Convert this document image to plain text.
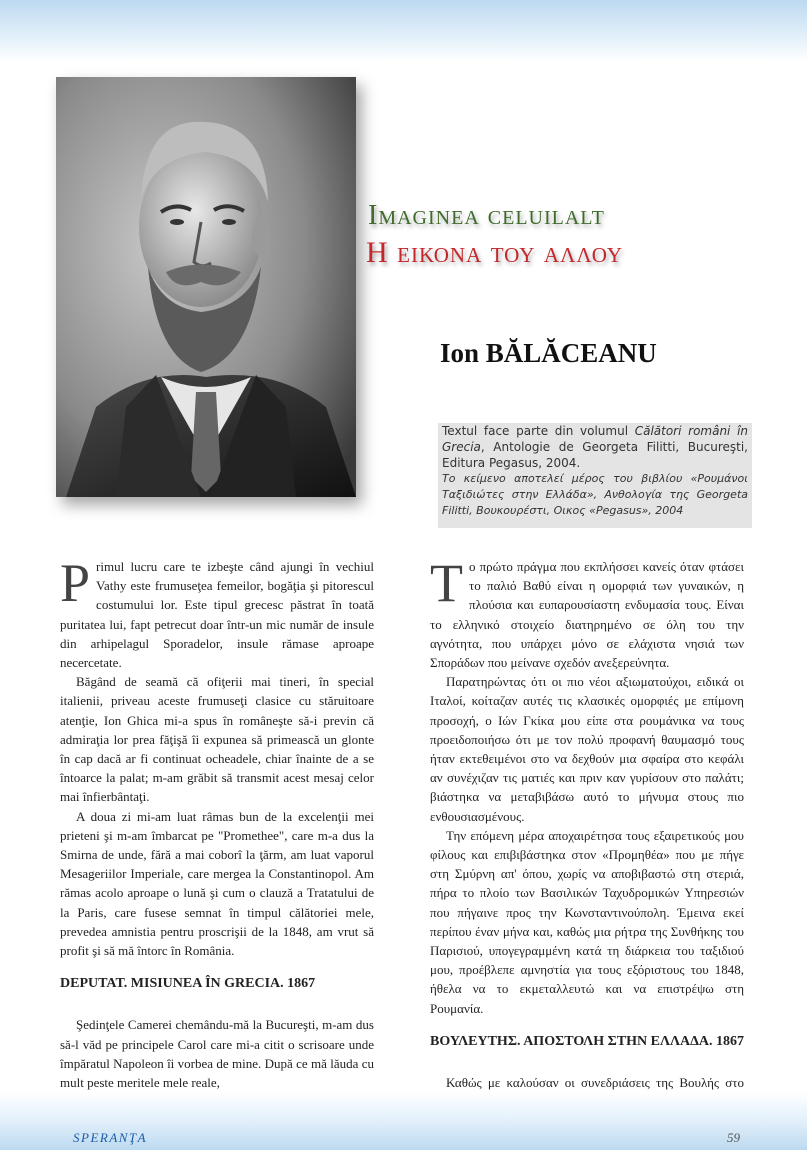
Imaginea celuilalt
Η εικονα του αλλου
Ion BĂLĂCEANU

Textul face parte din volumul Călători români în Grecia, Antologie de Georgeta Filitti, Bucureşti, Editura Pegasus, 2004.

Το κείμενο αποτελεί μέρος του βιβλίου «Ρουμάνοι Ταξιδιώτες στην Ελλάδα», Ανθολογία της Georgeta Filitti, Βουκουρέστι, Οικος «Pegasus», 2004

Primul lucru care te izbeşte când ajungi în vechiul Vathy este frumuseţea femeilor, bogăţia şi pitorescul costumului lor. Este tipul grecesc păstrat în toată puritatea lui, fapt petrecut doar într-un mic număr de insule din arhipelagul Sporadelor, insule rămase aproape necercetate.

Băgând de seamă că ofiţerii mai tineri, în special italienii, priveau aceste frumuseţi clasice cu stăruitoare atenţie, Ion Ghica mi-a spus în româneşte să-i previn că admiraţia lor prea făţişă îi expunea să primească un glonte în cap dacă ar fi continuat ocheadele, chiar înainte de a se întoarce la palat; m-am grăbit să transmit acest mesaj celor mai înfierbântaţi.

A doua zi mi-am luat râmas bun de la excelenţii mei prieteni şi m-am îmbarcat pe "Promethee", care m-a dus la Smirna de unde, fără a mai coborî la ţărm, am luat vaporul Mesageriilor Imperiale, care mergea la Constantinopol. Am rămas acolo aproape o lună şi cum o clauză a Tratatului de la Paris, care fusese semnat în timpul călătoriei mele, prevedea amnistia pentru proscrişii de la 1848, am vrut să profit şi să mă întorc în România.

DEPUTAT. MISIUNEA ÎN GRECIA. 1867

Şedinţele Camerei chemându-mă la Bucureşti, m-am dus să-l văd pe principele Carol care mi-a citit o scrisoare unde împăratul Napoleon îi vorbea de mine. După ce mă lăuda cu mult peste meritele mele reale,

Το πρώτο πράγμα που εκπλήσσει κανείς όταν φτάσει το παλιό Βαθύ είναι η ομορφιά των γυναικών, η πλούσια και ευπαρουσίαστη ενδυμασία τους. Είναι το ελληνικό στοιχείο διατηρημένο σε όλη του την αγνότητα, που υπάρχει μόνο σε ελάχιστα νησιά των Σποράδων που μείνανε σχεδόν ανεξερεύνητα.

Παρατηρώντας ότι οι πιο νέοι αξιωματούχοι, ειδικά οι Ιταλοί, κοίταζαν αυτές τις κλασικές ομορφιές με επίμονη προσοχή, ο Ιών Γκίκα μου είπε στα ρουμάνικα να τους προειδοποιήσω ότι με τον πολύ προφανή θαυμασμό τους ήταν εκτεθειμένοι στο να δεχθούν μια σφαίρα στο κεφάλι αν συνέχιζαν τις ματιές και πριν καν γυρίσουν στο παλάτι; βιάστηκα να μεταβιβάσω αυτό το μήνυμα στους πιο ενθουσιασμένους.

Την επόμενη μέρα αποχαιρέτησα τους εξαιρετικούς μου φίλους και επιβιβάστηκα στον «Προμηθέα» που με πήγε στη Σμύρνη απ' όπου, χωρίς να αποβιβαστώ στη στεριά, πήρα το πλοίο των Βασιλικών Ταχυδρομικών Υπηρεσιών που πήγαινε προς την Κωνσταντινούπολη. Έμεινα εκεί περίπου έναν μήνα και, καθώς μια ρήτρα της Συνθήκης του Παρισιού, υπογεγραμμένη κατά τη διάρκεια του ταξιδιού μου, προέβλεπε αμνηστία για τους εξόριστους του 1848, ήθελα να το εκμεταλλευτώ και να επιστρέψω στη Ρουμανία.

ΒΟΥΛΕΥΤΗΣ. ΑΠΟΣΤΟΛΗ ΣΤΗΝ ΕΛΛΑΔΑ. 1867

Καθώς με καλούσαν οι συνεδριάσεις της Βουλής στο

SPERANŢA	59
